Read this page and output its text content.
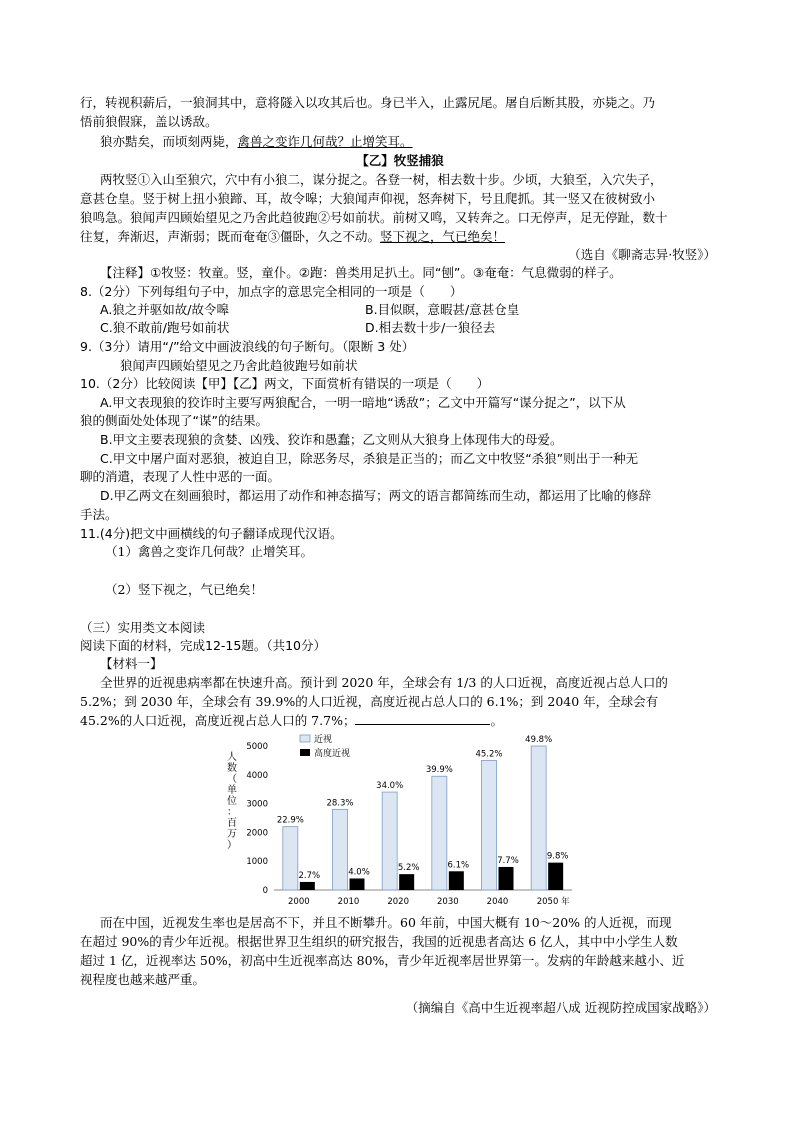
行，转视积薪后，一狼洞其中，意将隧入以攻其后也。身已半入，止露尻尾。屠自后断其股，亦毙之。乃
悟前狼假寐，盖以诱敌。
狼亦黠矣，而顷刻两毙，禽兽之变诈几何哉？止增笑耳。
【乙】牧竖捕狼
两牧竖①入山至狼穴，穴中有小狼二，谋分捉之。各登一树，相去数十步。少顷，大狼至，入穴失子，
意甚仓皇。竖于树上扭小狼蹄、耳，故令嗥；大狼闻声仰视，怒奔树下，号且爬抓。其一竖又在彼树致小
狼鸣急。狼闻声四顾始望见之乃舍此趋彼跑②号如前状。前树又鸣，又转奔之。口无停声，足无停趾，数十
往复，奔渐迟，声渐弱；既而奄奄③僵卧，久之不动。竖下视之，气已绝矣！
（选自《聊斋志异·牧竖》）
【注释】①牧竖：牧童。竖，童仆。②跑：兽类用足扒土。同“刨”。③奄奄：气息微弱的样子。
8.（2分）下列每组句子中，加点字的意思完全相同的一项是（　　）
A.狼之并驱如故/故令嗥	B.目似瞑，意暇甚/意甚仓皇
C.狼不敢前/跑号如前状	D.相去数十步/一狼径去
9.（3分）请用“/”给文中画波浪线的句子断句。（限断 3 处）
狼闻声四顾始望见之乃舍此趋彼跑号如前状
10.（2分）比较阅读【甲】【乙】两文，下面赏析有错误的一项是（　　）
A.甲文表现狼的狡诈时主要写两狼配合，一明一暗地“诱敌”；乙文中开篇写“谋分捉之”，以下从
狼的侧面处处体现了“谋”的结果。
B.甲文主要表现狼的贪婪、凶残、狡诈和愚蠢；乙文则从大狼身上体现伟大的母爱。
C.甲文中屠户面对恶狼，被迫自卫，除恶务尽，杀狼是正当的；而乙文中牧竖“杀狼”则出于一种无
聊的消遣，表现了人性中恶的一面。
D.甲乙两文在刻画狼时，都运用了动作和神态描写；两文的语言都简练而生动，都运用了比喻的修辞
手法。
11.(4分)把文中画横线的句子翻译成现代汉语。
（1）禽兽之变诈几何哉？止增笑耳。
（2）竖下视之，气已绝矣！
（三）实用类文本阅读
阅读下面的材料，完成12-15题。（共10分）
【材料一】
全世界的近视患病率都在快速升高。预计到 2020 年，全球会有 1/3 的人口近视，高度近视占总人口的
5.2%；到 2030 年，全球会有 39.9%的人口近视，高度近视占总人口的 6.1%；到 2040 年，全球会有
45.2%的人口近视，高度近视占总人口的 7.7%；	。
人
数
（
单
位
：
百
万
）
0
1000
2000
3000
4000
5000
22.9%
2.7%
2000
28.3%
4.0%
2010
34.0%
5.2%
2020
39.9%
6.1%
2030
45.2%
7.7%
2040
49.8%
9.8%
2050 年
近视
高度近视
而在中国，近视发生率也是居高不下，并且不断攀升。60 年前，中国大概有 10～20% 的人近视，而现
在超过 90%的青少年近视。根据世界卫生组织的研究报告，我国的近视患者高达 6 亿人，其中中小学生人数
超过 1 亿，近视率达 50%，初高中生近视率高达 80%，青少年近视率居世界第一。发病的年龄越来越小、近
视程度也越来越严重。
（摘编自《高中生近视率超八成 近视防控成国家战略》）
